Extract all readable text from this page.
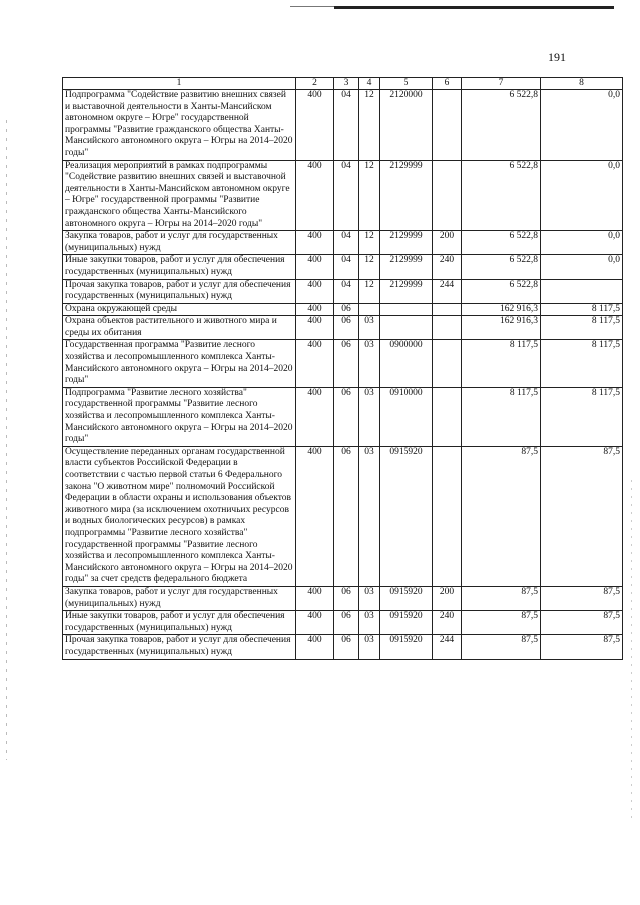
191
1	2	3	4	5	6	7	8
Подпрограмма "Содействие развитию внешних связей и выставочной деятельности в Ханты-Мансийском автономном округе – Югре" государственной программы "Развитие гражданского общества Ханты-Мансийского автономного округа – Югры на 2014–2020 годы"	400	04	12	2120000		6 522,8	0,0
Реализация мероприятий в рамках подпрограммы "Содействие развитию внешних связей и выставочной деятельности в Ханты-Мансийском автономном округе – Югре" государственной программы "Развитие гражданского общества Ханты-Мансийского автономного округа – Югры на 2014–2020 годы"	400	04	12	2129999		6 522,8	0,0
Закупка товаров, работ и услуг для государственных (муниципальных) нужд	400	04	12	2129999	200	6 522,8	0,0
Иные закупки товаров, работ и услуг для обеспечения государственных (муниципальных) нужд	400	04	12	2129999	240	6 522,8	0,0
Прочая закупка товаров, работ и услуг для обеспечения государственных (муниципальных) нужд	400	04	12	2129999	244	6 522,8	
Охрана окружающей среды	400	06				162 916,3	8 117,5
Охрана объектов растительного и животного мира и среды их обитания	400	06	03			162 916,3	8 117,5
Государственная программа "Развитие лесного хозяйства и лесопромышленного комплекса Ханты-Мансийского автономного округа – Югры на 2014–2020 годы"	400	06	03	0900000		8 117,5	8 117,5
Подпрограмма "Развитие лесного хозяйства" государственной программы "Развитие лесного хозяйства и лесопромышленного комплекса Ханты-Мансийского автономного округа – Югры на 2014–2020 годы"	400	06	03	0910000		8 117,5	8 117,5
Осуществление переданных органам государственной власти субъектов Российской Федерации в соответствии с частью первой статьи 6 Федерального закона "О животном мире" полномочий Российской Федерации в области охраны и использования объектов животного мира (за исключением охотничьих ресурсов и водных биологических ресурсов) в рамках подпрограммы "Развитие лесного хозяйства" государственной программы "Развитие лесного хозяйства и лесопромышленного комплекса Ханты-Мансийского автономного округа – Югры на 2014–2020 годы" за счет средств федерального бюджета	400	06	03	0915920		87,5	87,5
Закупка товаров, работ и услуг для государственных (муниципальных) нужд	400	06	03	0915920	200	87,5	87,5
Иные закупки товаров, работ и услуг для обеспечения государственных (муниципальных) нужд	400	06	03	0915920	240	87,5	87,5
Прочая закупка товаров, работ и услуг для обеспечения государственных (муниципальных) нужд	400	06	03	0915920	244	87,5	87,5
